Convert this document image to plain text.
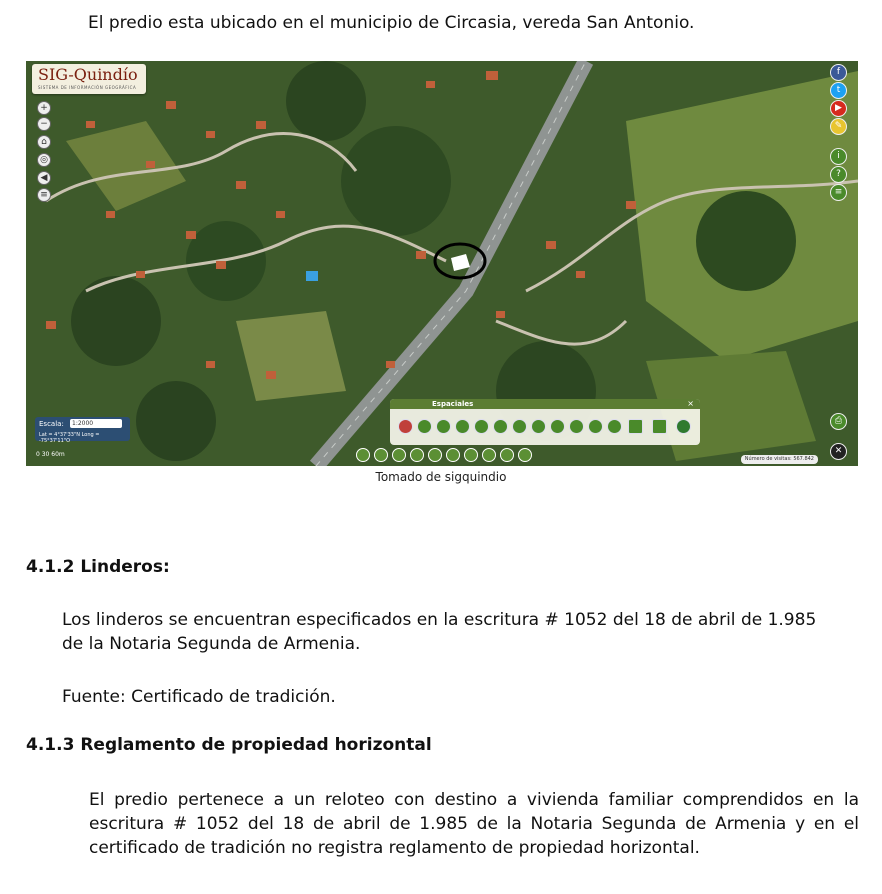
El predio esta ubicado en el municipio de Circasia, vereda San Antonio.
SIG-Quindío
SISTEMA DE INFORMACIÓN GEOGRÁFICA
+
−
⌂
◎
◀
≡
f
t
▶
✎
i
?
≡
⎙
✕
Escala:	1:2000
Lat = 4°37'33"N Long = -75°37'11"O
0 30 60m
Espaciales	×
Número de visitas: 567.842
Tomado de sigquindio
4.1.2 Linderos:
Los linderos se encuentran especificados en la escritura # 1052 del 18 de abril de 1.985 de la Notaria Segunda de Armenia.
Fuente: Certificado de tradición.
4.1.3 Reglamento de propiedad horizontal
El predio pertenece a un reloteo con destino a vivienda familiar comprendidos en la escritura # 1052 del 18 de abril de 1.985 de la Notaria Segunda de Armenia y en el certificado de tradición no registra reglamento de propiedad horizontal.
